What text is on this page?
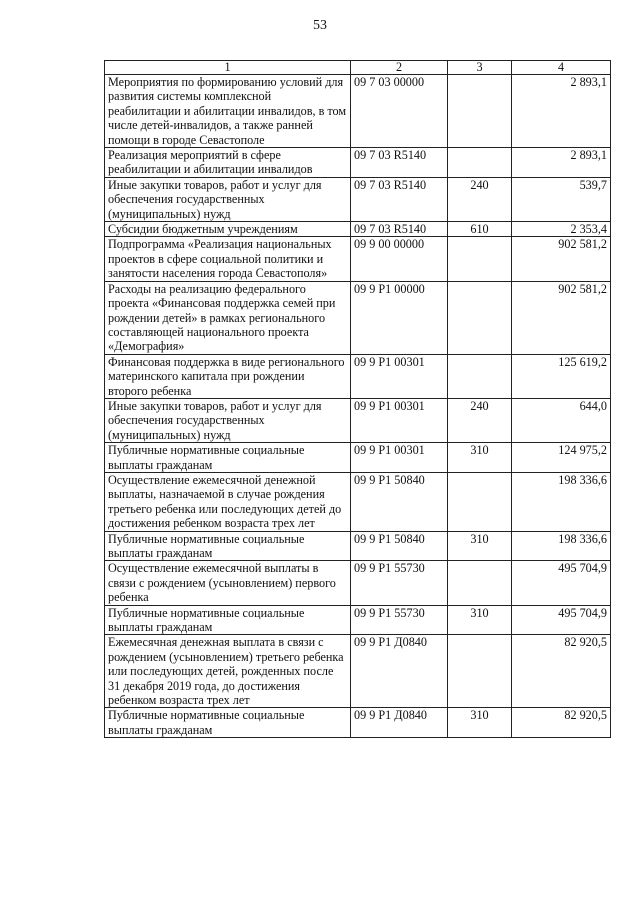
53
1	2	3	4
Мероприятия по формированию условий для развития системы комплексной реабилитации и абилитации инвалидов, в том числе детей-инвалидов, а также ранней помощи в городе Севастополе	09 7 03 00000		2 893,1
Реализация мероприятий в сфере реабилитации и абилитации инвалидов	09 7 03 R5140		2 893,1
Иные закупки товаров, работ и услуг для обеспечения государственных (муниципальных) нужд	09 7 03 R5140	240	539,7
Субсидии бюджетным учреждениям	09 7 03 R5140	610	2 353,4
Подпрограмма «Реализация национальных проектов в сфере социальной политики и занятости населения города Севастополя»	09 9 00 00000		902 581,2
Расходы на реализацию федерального проекта «Финансовая поддержка семей при рождении детей» в рамках регионального составляющей национального проекта «Демография»	09 9 P1 00000		902 581,2
Финансовая поддержка в виде регионального материнского капитала при рождении второго ребенка	09 9 P1 00301		125 619,2
Иные закупки товаров, работ и услуг для обеспечения государственных (муниципальных) нужд	09 9 P1 00301	240	644,0
Публичные нормативные социальные выплаты гражданам	09 9 P1 00301	310	124 975,2
Осуществление ежемесячной денежной выплаты, назначаемой в случае рождения третьего ребенка или последующих детей до достижения ребенком возраста трех лет	09 9 P1 50840		198 336,6
Публичные нормативные социальные выплаты гражданам	09 9 P1 50840	310	198 336,6
Осуществление ежемесячной выплаты в связи с рождением (усыновлением) первого ребенка	09 9 P1 55730		495 704,9
Публичные нормативные социальные выплаты гражданам	09 9 P1 55730	310	495 704,9
Ежемесячная денежная выплата в связи с рождением (усыновлением) третьего ребенка или последующих детей, рожденных после 31 декабря 2019 года, до достижения ребенком возраста трех лет	09 9 P1 Д0840		82 920,5
Публичные нормативные социальные выплаты гражданам	09 9 P1 Д0840	310	82 920,5
